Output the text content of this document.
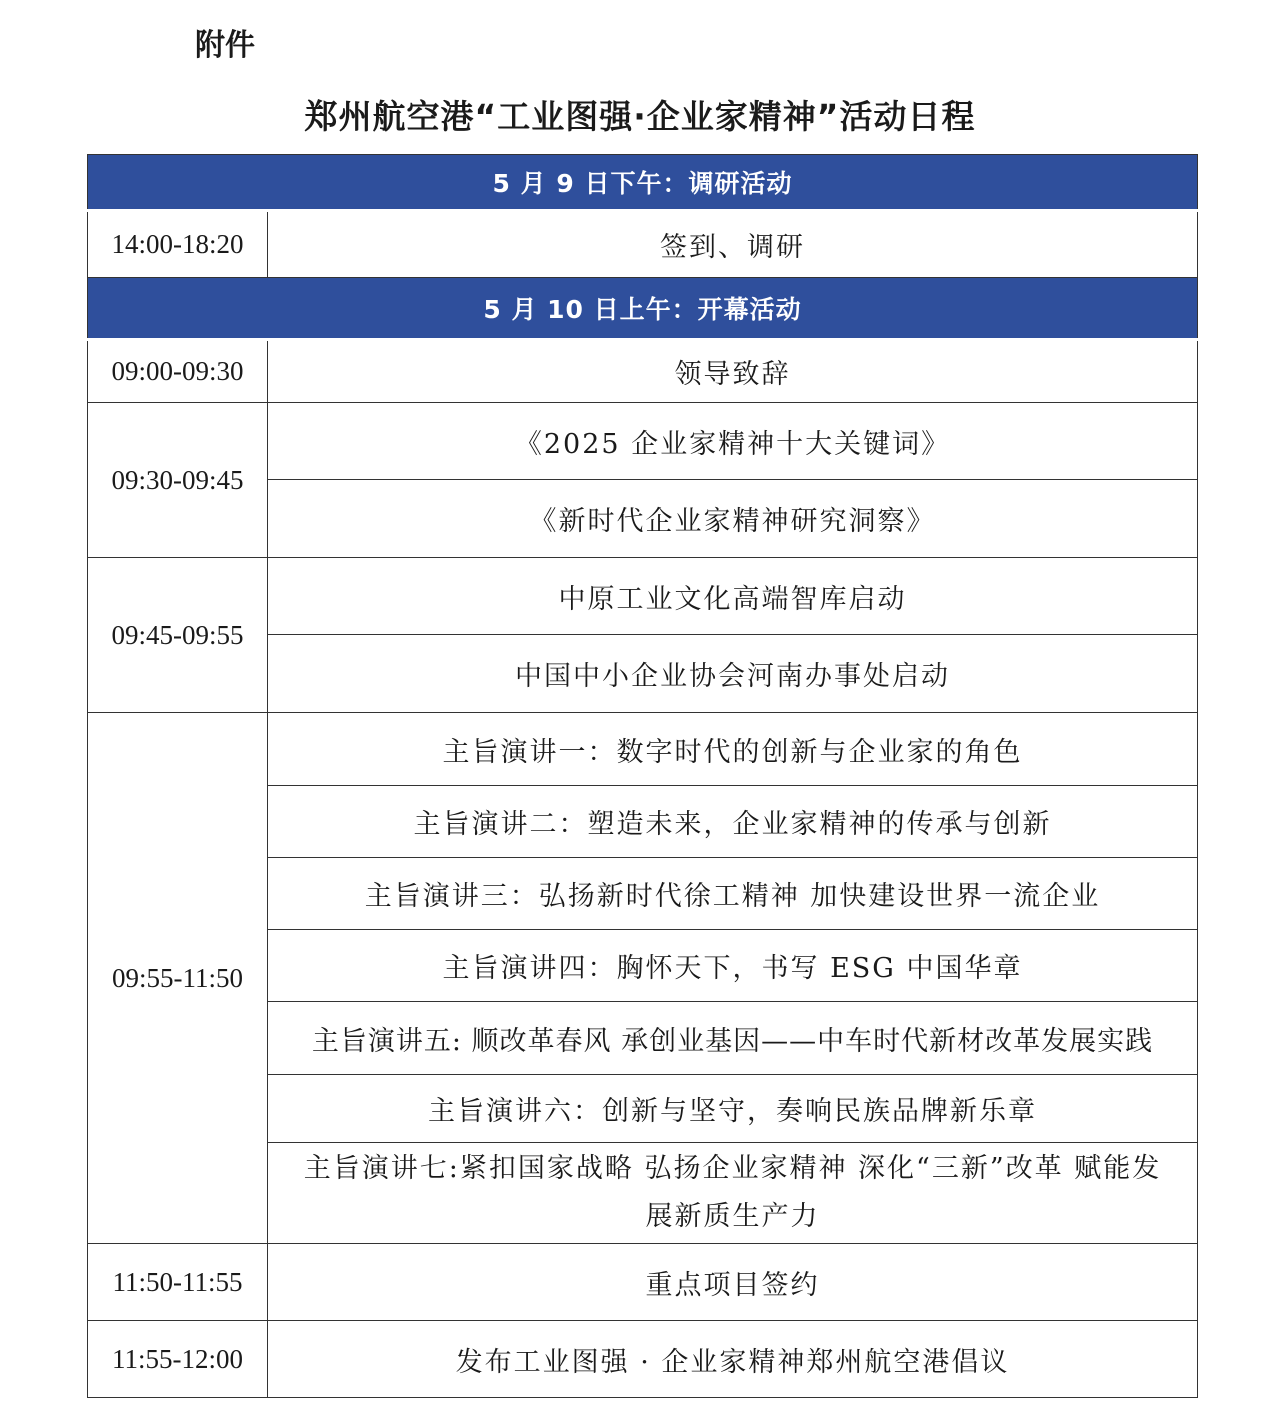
附件
郑州航空港“工业图强·企业家精神”活动日程
5 月 9 日下午：调研活动	
14:00-18:20	签到、调研
5 月 10 日上午：开幕活动	
09:00-09:30	领导致辞
09:30-09:45	《2025 企业家精神十大关键词》
	《新时代企业家精神研究洞察》
09:45-09:55	中原工业文化高端智库启动
	中国中小企业协会河南办事处启动
09:55-11:50	主旨演讲一：数字时代的创新与企业家的角色
	主旨演讲二：塑造未来，企业家精神的传承与创新
	主旨演讲三：弘扬新时代徐工精神 加快建设世界一流企业
	主旨演讲四：胸怀天下，书写 ESG 中国华章
	主旨演讲五: 顺改革春风 承创业基因——中车时代新材改革发展实践
	主旨演讲六：创新与坚守，奏响民族品牌新乐章
	主旨演讲七:紧扣国家战略 弘扬企业家精神 深化“三新”改革 赋能发展新质生产力
11:50-11:55	重点项目签约
11:55-12:00	发布工业图强 · 企业家精神郑州航空港倡议
